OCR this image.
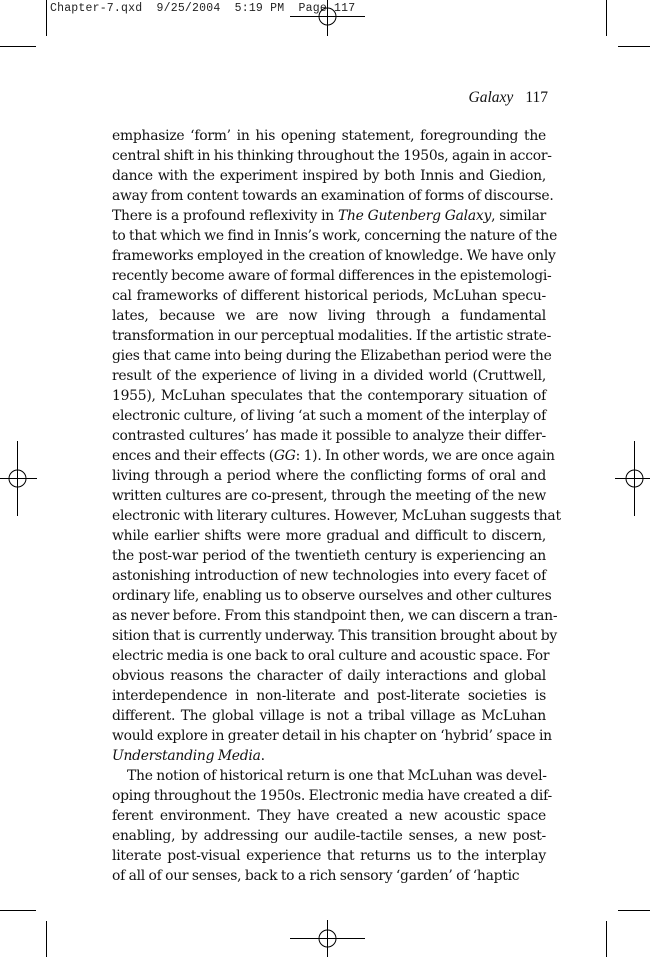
Chapter-7.qxd  9/25/2004  5:19 PM  Page 117
Galaxy 117
emphasize ‘form’ in his opening statement, foregrounding the
central shift in his thinking throughout the 1950s, again in accor-
dance with the experiment inspired by both Innis and Giedion,
away from content towards an examination of forms of discourse.
There is a profound reflexivity in The Gutenberg Galaxy, similar
to that which we find in Innis’s work, concerning the nature of the
frameworks employed in the creation of knowledge. We have only
recently become aware of formal differences in the epistemologi-
cal frameworks of different historical periods, McLuhan specu-
lates, because we are now living through a fundamental
transformation in our perceptual modalities. If the artistic strate-
gies that came into being during the Elizabethan period were the
result of the experience of living in a divided world (Cruttwell,
1955), McLuhan speculates that the contemporary situation of
electronic culture, of living ‘at such a moment of the interplay of
contrasted cultures’ has made it possible to analyze their differ-
ences and their effects (GG: 1). In other words, we are once again
living through a period where the conflicting forms of oral and
written cultures are co-present, through the meeting of the new
electronic with literary cultures. However, McLuhan suggests that
while earlier shifts were more gradual and difficult to discern,
the post-war period of the twentieth century is experiencing an
astonishing introduction of new technologies into every facet of
ordinary life, enabling us to observe ourselves and other cultures
as never before. From this standpoint then, we can discern a tran-
sition that is currently underway. This transition brought about by
electric media is one back to oral culture and acoustic space. For
obvious reasons the character of daily interactions and global
interdependence in non-literate and post-literate societies is
different. The global village is not a tribal village as McLuhan
would explore in greater detail in his chapter on ‘hybrid’ space in
Understanding Media.
The notion of historical return is one that McLuhan was devel-
oping throughout the 1950s. Electronic media have created a dif-
ferent environment. They have created a new acoustic space
enabling, by addressing our audile-tactile senses, a new post-
literate post-visual experience that returns us to the interplay
of all of our senses, back to a rich sensory ‘garden’ of ‘haptic
